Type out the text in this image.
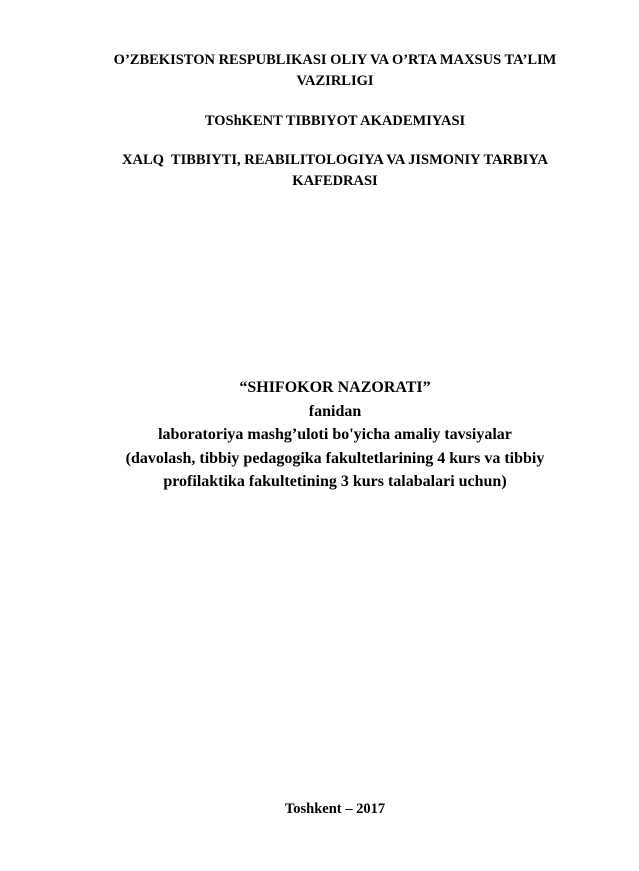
O’ZBEKISTON RESPUBLIKASI OLIY VA O’RTA MAXSUS TA’LIM
VAZIRLIGI
TOShKENT TIBBIYOT AKADEMIYASI
XALQ  TIBBIYTI, REABILITOLOGIYA VA JISMONIY TARBIYA
KAFEDRASI
“SHIFOKOR NAZORATI”
fanidan
laboratoriya mashg’uloti bo'yicha amaliy tavsiyalar
(davolash, tibbiy pedagogika fakultetlarining 4 kurs va tibbiy
profilaktika fakultetining 3 kurs talabalari uchun)
Toshkent – 2017
